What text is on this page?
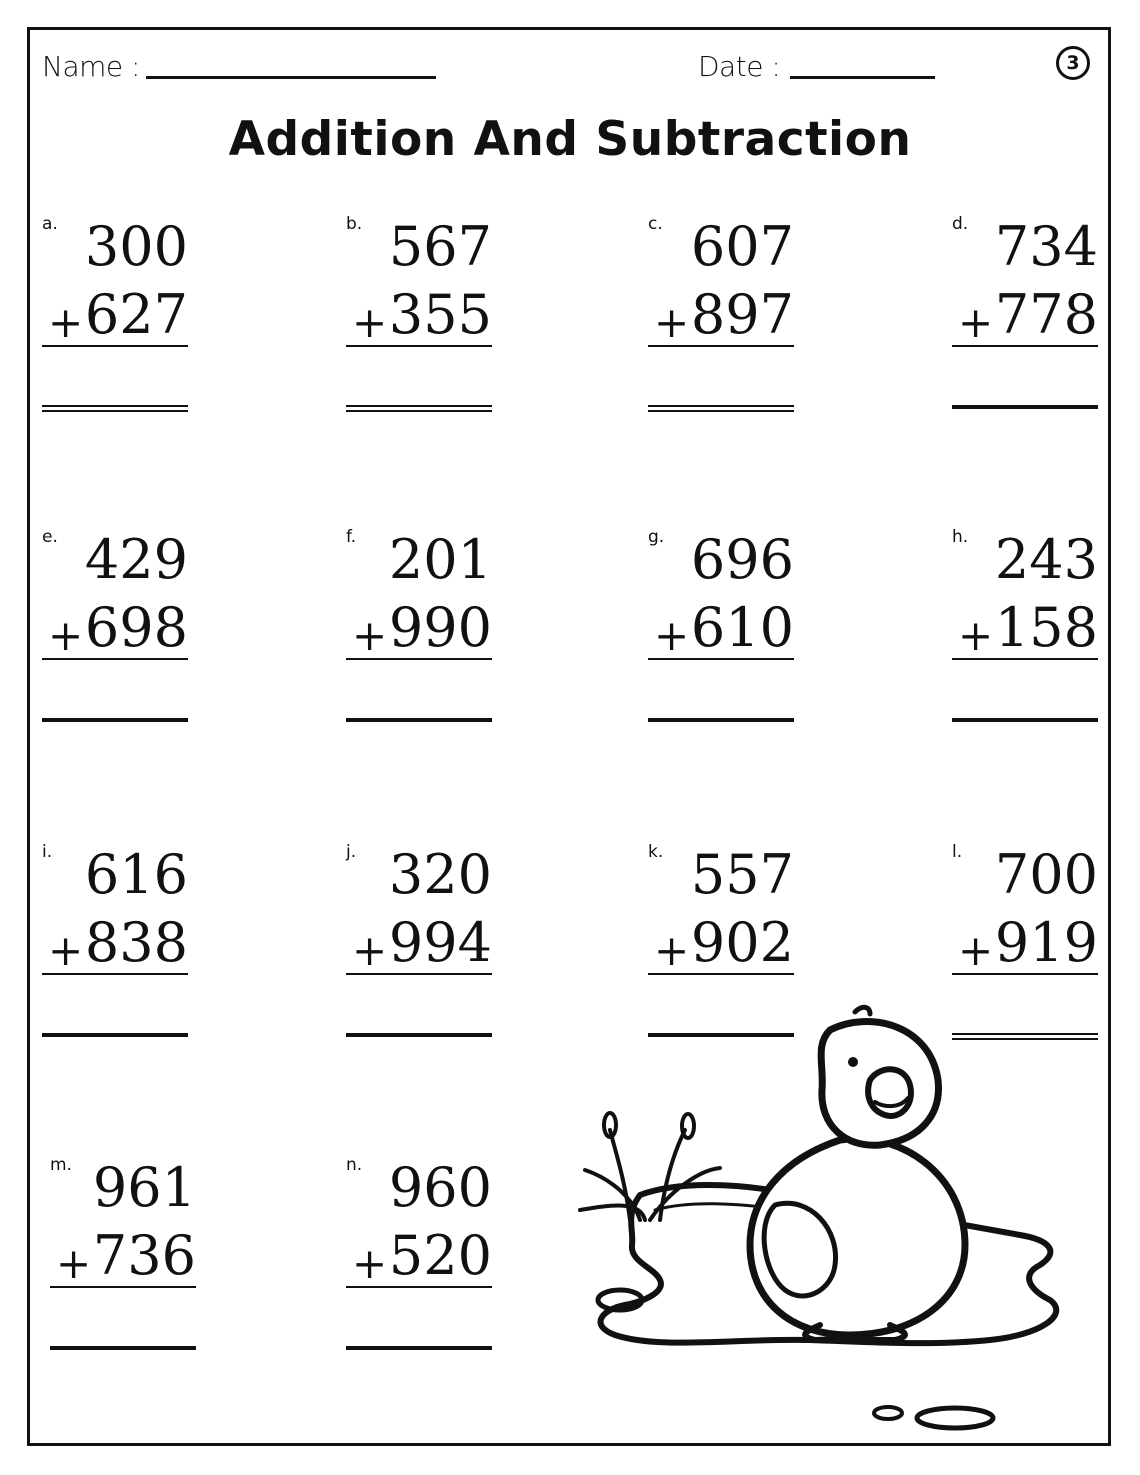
Name :	Date :	3
Addition And Subtraction
a. 300
+ 627
b. 567
+ 355
c. 607
+ 897
d. 734
+ 778
e. 429
+ 698
f. 201
+ 990
g. 696
+ 610
h. 243
+ 158
i. 616
+ 838
j. 320
+ 994
k. 557
+ 902
l. 700
+ 919
m. 961
+ 736
n. 960
+ 520
